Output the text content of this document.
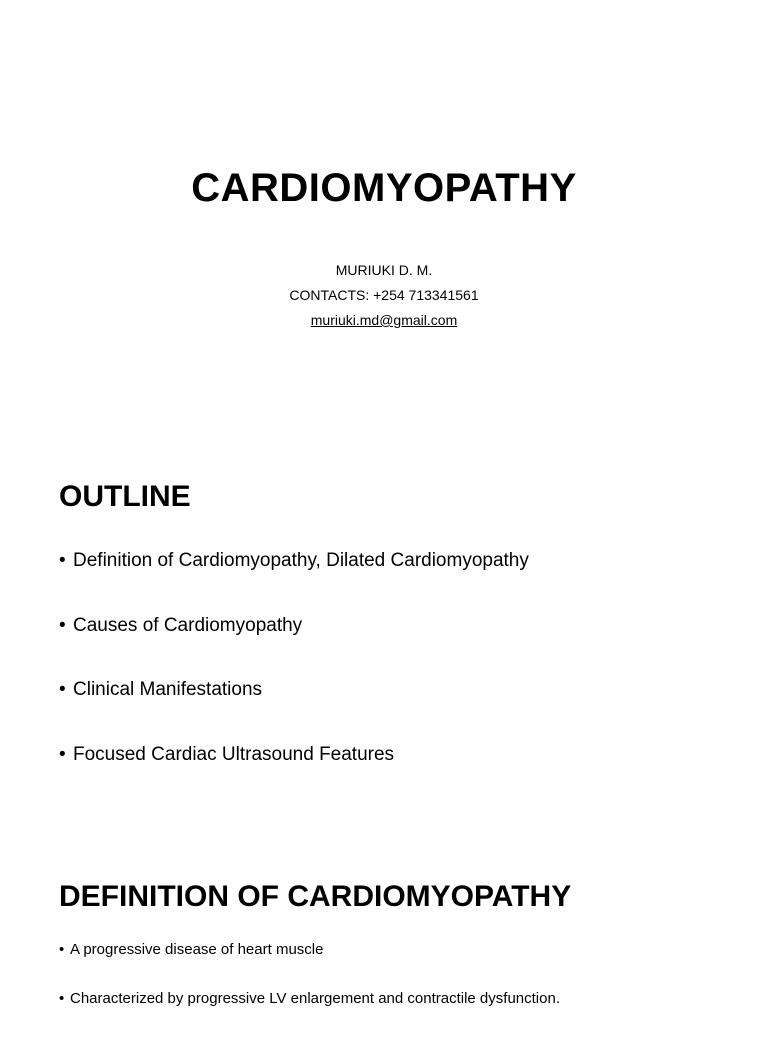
CARDIOMYOPATHY
MURIUKI D. M.
CONTACTS: +254 713341561
muriuki.md@gmail.com
OUTLINE
• Definition of Cardiomyopathy, Dilated Cardiomyopathy
• Causes of Cardiomyopathy
• Clinical Manifestations
• Focused Cardiac Ultrasound Features
DEFINITION OF CARDIOMYOPATHY
• A progressive disease of heart muscle
• Characterized by progressive LV enlargement and contractile dysfunction.
